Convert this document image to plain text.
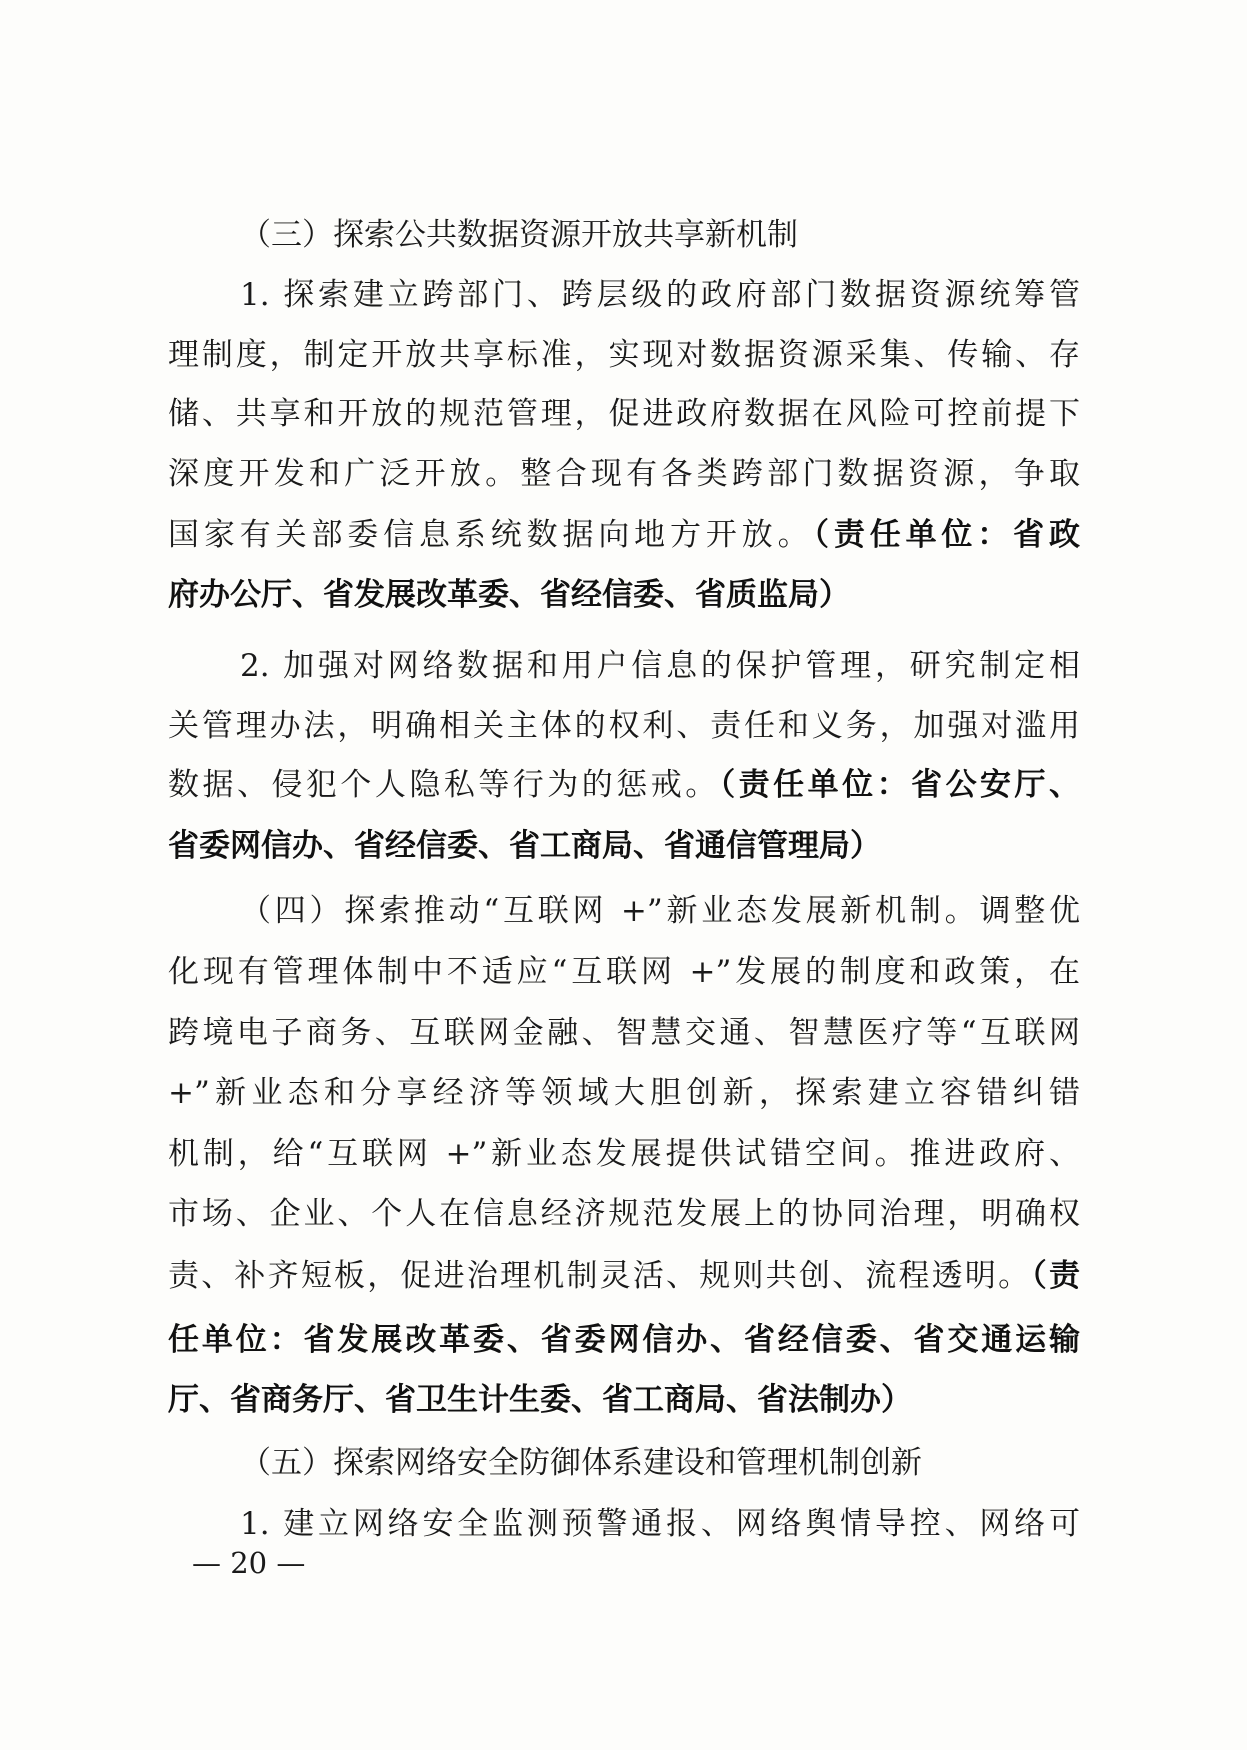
（三）探索公共数据资源开放共享新机制
1. 探索建立跨部门、跨层级的政府部门数据资源统筹管
理制度，制定开放共享标准，实现对数据资源采集、传输、存
储、共享和开放的规范管理，促进政府数据在风险可控前提下
深度开发和广泛开放。整合现有各类跨部门数据资源，争取
国家有关部委信息系统数据向地方开放。（责任单位：省政
府办公厅、省发展改革委、省经信委、省质监局）
2. 加强对网络数据和用户信息的保护管理，研究制定相
关管理办法，明确相关主体的权利、责任和义务，加强对滥用
数据、侵犯个人隐私等行为的惩戒。（责任单位：省公安厅、
省委网信办、省经信委、省工商局、省通信管理局）
（四）探索推动“互联网 +”新业态发展新机制。调整优
化现有管理体制中不适应“互联网 +”发展的制度和政策，在
跨境电子商务、互联网金融、智慧交通、智慧医疗等“互联网
+”新业态和分享经济等领域大胆创新，探索建立容错纠错
机制，给“互联网 +”新业态发展提供试错空间。推进政府、
市场、企业、个人在信息经济规范发展上的协同治理，明确权
责、补齐短板，促进治理机制灵活、规则共创、流程透明。（责
任单位：省发展改革委、省委网信办、省经信委、省交通运输
厅、省商务厅、省卫生计生委、省工商局、省法制办）
（五）探索网络安全防御体系建设和管理机制创新
1. 建立网络安全监测预警通报、网络舆情导控、网络可
— 20 —
